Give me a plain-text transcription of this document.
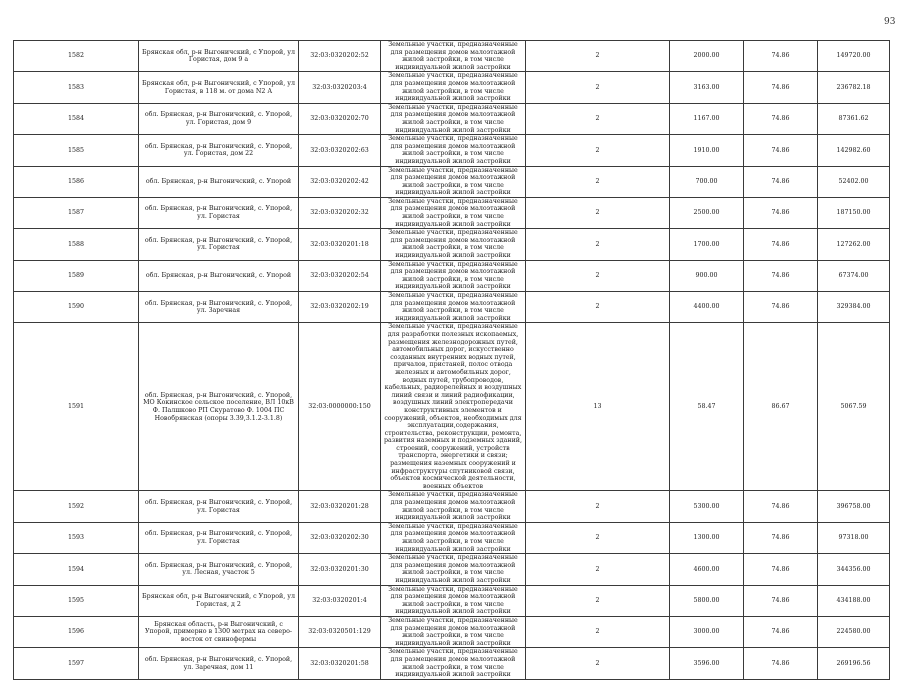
93
1582	Брянская обл, р-н Выгоничский, с Упорой, ул Гористая, дом 9 а	32:03:0320202:52	Земельные участки, предназначенные для размещения домов малоэтажной жилой застройки, в том числе индивидуальной жилой застройки	2	2000.00	74.86	149720.00
1583	Брянская обл, р-н Выгоничский, с Упорой, ул Гористая, в 118 м. от дома N2 А	32:03:0320203:4	Земельные участки, предназначенные для размещения домов малоэтажной жилой застройки, в том числе индивидуальной жилой застройки	2	3163.00	74.86	236782.18
1584	обл. Брянская, р-н Выгоничский, с. Упорой, ул. Гористая, дом 9	32:03:0320202:70	Земельные участки, предназначенные для размещения домов малоэтажной жилой застройки, в том числе индивидуальной жилой застройки	2	1167.00	74.86	87361.62
1585	обл. Брянская, р-н Выгоничский, с. Упорой, ул. Гористая, дом 22	32:03:0320202:63	Земельные участки, предназначенные для размещения домов малоэтажной жилой застройки, в том числе индивидуальной жилой застройки	2	1910.00	74.86	142982.60
1586	обл. Брянская, р-н Выгоничский, с. Упорой	32:03:0320202:42	Земельные участки, предназначенные для размещения домов малоэтажной жилой застройки, в том числе индивидуальной жилой застройки	2	700.00	74.86	52402.00
1587	обл. Брянская, р-н Выгоничский, с. Упорой, ул. Гористая	32:03:0320202:32	Земельные участки, предназначенные для размещения домов малоэтажной жилой застройки, в том числе индивидуальной жилой застройки	2	2500.00	74.86	187150.00
1588	обл. Брянская, р-н Выгоничский, с. Упорой, ул. Гористая	32:03:0320201:18	Земельные участки, предназначенные для размещения домов малоэтажной жилой застройки, в том числе индивидуальной жилой застройки	2	1700.00	74.86	127262.00
1589	обл. Брянская, р-н Выгоничский, с. Упорой	32:03:0320202:54	Земельные участки, предназначенные для размещения домов малоэтажной жилой застройки, в том числе индивидуальной жилой застройки	2	900.00	74.86	67374.00
1590	обл. Брянская, р-н Выгоничский, с. Упорой, ул. Заречная	32:03:0320202:19	Земельные участки, предназначенные для размещения домов малоэтажной жилой застройки, в том числе индивидуальной жилой застройки	2	4400.00	74.86	329384.00
1591	обл. Брянская, р-н Выгоничский, с. Упорой, МО Кокинское сельское поселение, ВЛ 10кВ Ф. Палшковo РП Скуратово Ф. 1004 ПС Новобрянская (опоры 3.39,3.1.2-3.1.8)	32:03:0000000:150	Земельные участки, предназначенные для разработки полезных ископаемых, размещения железнодорожных путей, автомобильных дорог, искусственно созданных внутренних водных путей, причалов, пристаней, полос отвода железных и автомобильных дорог, водных путей, трубопроводов, кабельных, радиорелейных и воздушных линий связи и линий радиофикации, воздушных линий электропередачи конструктивных элементов и сооружений, объектов, необходимых для эксплуатации,содержания, строительства, реконструкции, ремонта, развития наземных и подземных зданий, строений, сооружений, устройств транспорта, энергетики и связи; размещения наземных сооружений и инфраструктуры спутниковой связи, объектов космической деятельности, военных объектов	13	58.47	86.67	5067.59
1592	обл. Брянская, р-н Выгоничский, с. Упорой, ул. Гористая	32:03:0320201:28	Земельные участки, предназначенные для размещения домов малоэтажной жилой застройки, в том числе индивидуальной жилой застройки	2	5300.00	74.86	396758.00
1593	обл. Брянская, р-н Выгоничский, с. Упорой, ул. Гористая	32:03:0320202:30	Земельные участки, предназначенные для размещения домов малоэтажной жилой застройки, в том числе индивидуальной жилой застройки	2	1300.00	74.86	97318.00
1594	обл. Брянская, р-н Выгоничский, с. Упорой, ул. Лесная, участок 5	32:03:0320201:30	Земельные участки, предназначенные для размещения домов малоэтажной жилой застройки, в том числе индивидуальной жилой застройки	2	4600.00	74.86	344356.00
1595	Брянская обл, р-н Выгоничский, с Упорой, ул Гористая, д 2	32:03:0320201:4	Земельные участки, предназначенные для размещения домов малоэтажной жилой застройки, в том числе индивидуальной жилой застройки	2	5800.00	74.86	434188.00
1596	Брянская область, р-н Выгоничский, с Упорой, примерно в 1300 метрах на северо-восток от свинофермы	32:03:0320501:129	Земельные участки, предназначенные для размещения домов малоэтажной жилой застройки, в том числе индивидуальной жилой застройки	2	3000.00	74.86	224580.00
1597	обл. Брянская, р-н Выгоничский, с. Упорой, ул. Заречная, дом 11	32:03:0320201:58	Земельные участки, предназначенные для размещения домов малоэтажной жилой застройки, в том числе индивидуальной жилой застройки	2	3596.00	74.86	269196.56
